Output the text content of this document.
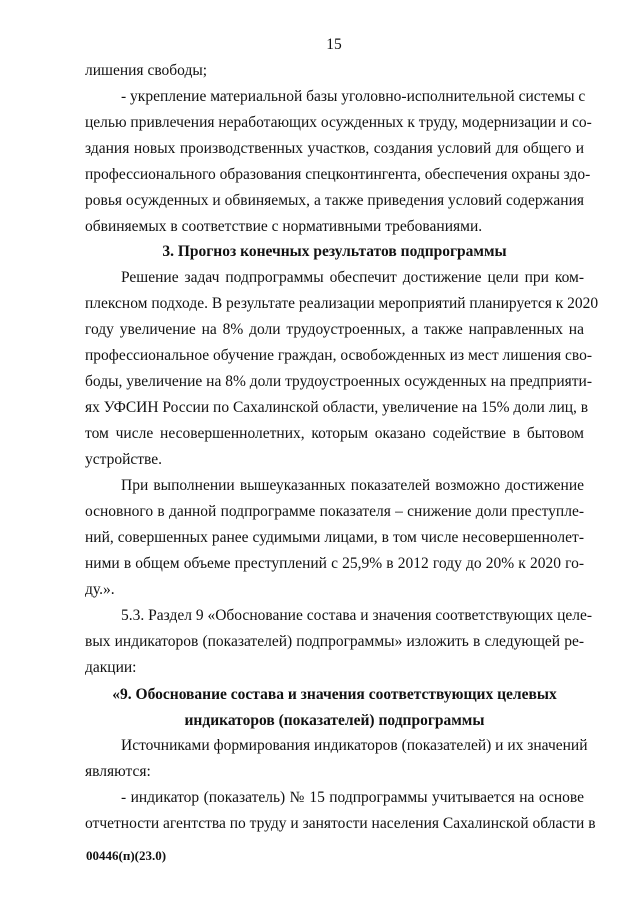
15
лишения свободы;
- укрепление материальной базы уголовно-исполнительной системы с
целью привлечения неработающих осужденных к труду, модернизации и со-
здания новых производственных участков, создания условий для общего и
профессионального образования спецконтингента, обеспечения охраны здо-
ровья осужденных и обвиняемых, а также приведения условий содержания
обвиняемых в соответствие с нормативными требованиями.
3. Прогноз конечных результатов подпрограммы
Решение задач подпрограммы обеспечит достижение цели при ком-
плексном подходе. В результате реализации мероприятий планируется к 2020
году увеличение на 8% доли трудоустроенных, а также направленных на
профессиональное обучение граждан, освобожденных из мест лишения сво-
боды, увеличение на 8% доли трудоустроенных осужденных на предприяти-
ях УФСИН России по Сахалинской области, увеличение на 15% доли лиц, в
том числе несовершеннолетних, которым оказано содействие в бытовом
устройстве.
При выполнении вышеуказанных показателей возможно достижение
основного в данной подпрограмме показателя – снижение доли преступле-
ний, совершенных ранее судимыми лицами, в том числе несовершеннолет-
ними в общем объеме преступлений с 25,9% в 2012 году до 20% к 2020 го-
ду.».
5.3. Раздел 9 «Обоснование состава и значения соответствующих целе-
вых индикаторов (показателей) подпрограммы» изложить в следующей ре-
дакции:
«9. Обоснование состава и значения соответствующих целевых
индикаторов (показателей) подпрограммы
Источниками формирования индикаторов (показателей) и их значений
являются:
- индикатор (показатель) № 15 подпрограммы учитывается на основе
отчетности агентства по труду и занятости населения Сахалинской области в
00446(п)(23.0)
